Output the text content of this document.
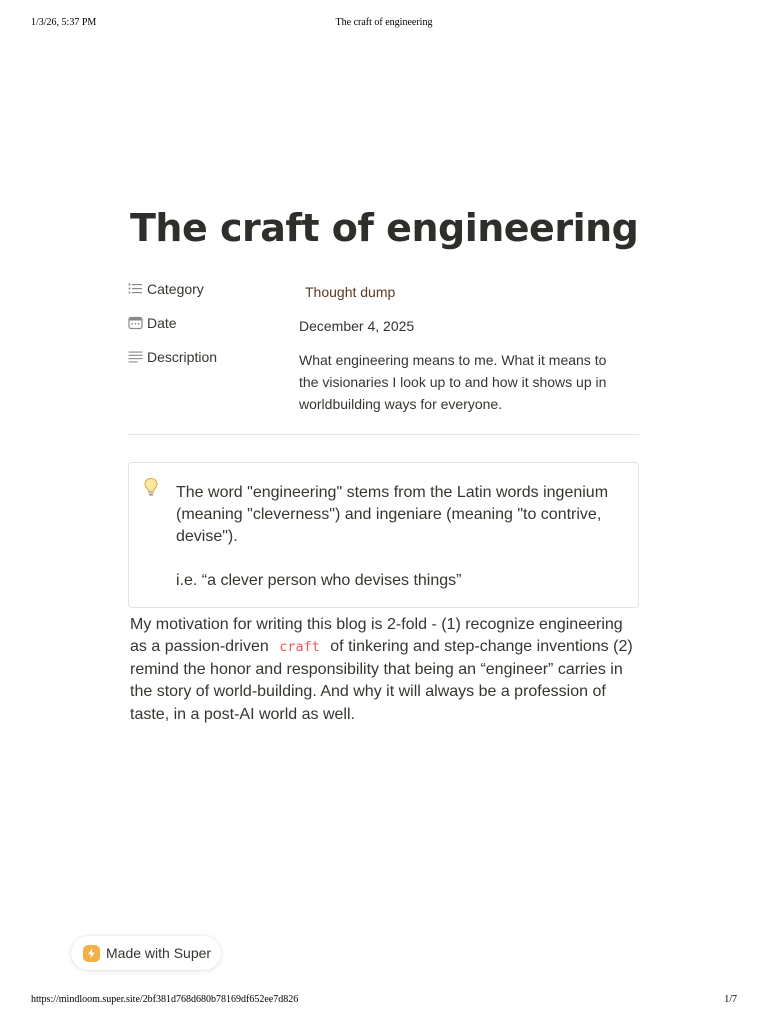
1/3/26, 5:37 PM	The craft of engineering
The craft of engineering
Category	Thought dump
Date	December 4, 2025
Description	What engineering means to me. What it means to the visionaries I look up to and how it shows up in worldbuilding ways for everyone.

The word "engineering" stems from the Latin words ingenium (meaning "cleverness") and ingeniare (meaning "to contrive, devise").

i.e. “a clever person who devises things”

My motivation for writing this blog is 2-fold - (1) recognize engineering as a passion-driven craft of tinkering and step-change inventions (2) remind the honor and responsibility that being an “engineer” carries in the story of world-building. And why it will always be a profession of taste, in a post-AI world as well.

Made with Super
https://mindloom.super.site/2bf381d768d680b78169df652ee7d826	1/7
